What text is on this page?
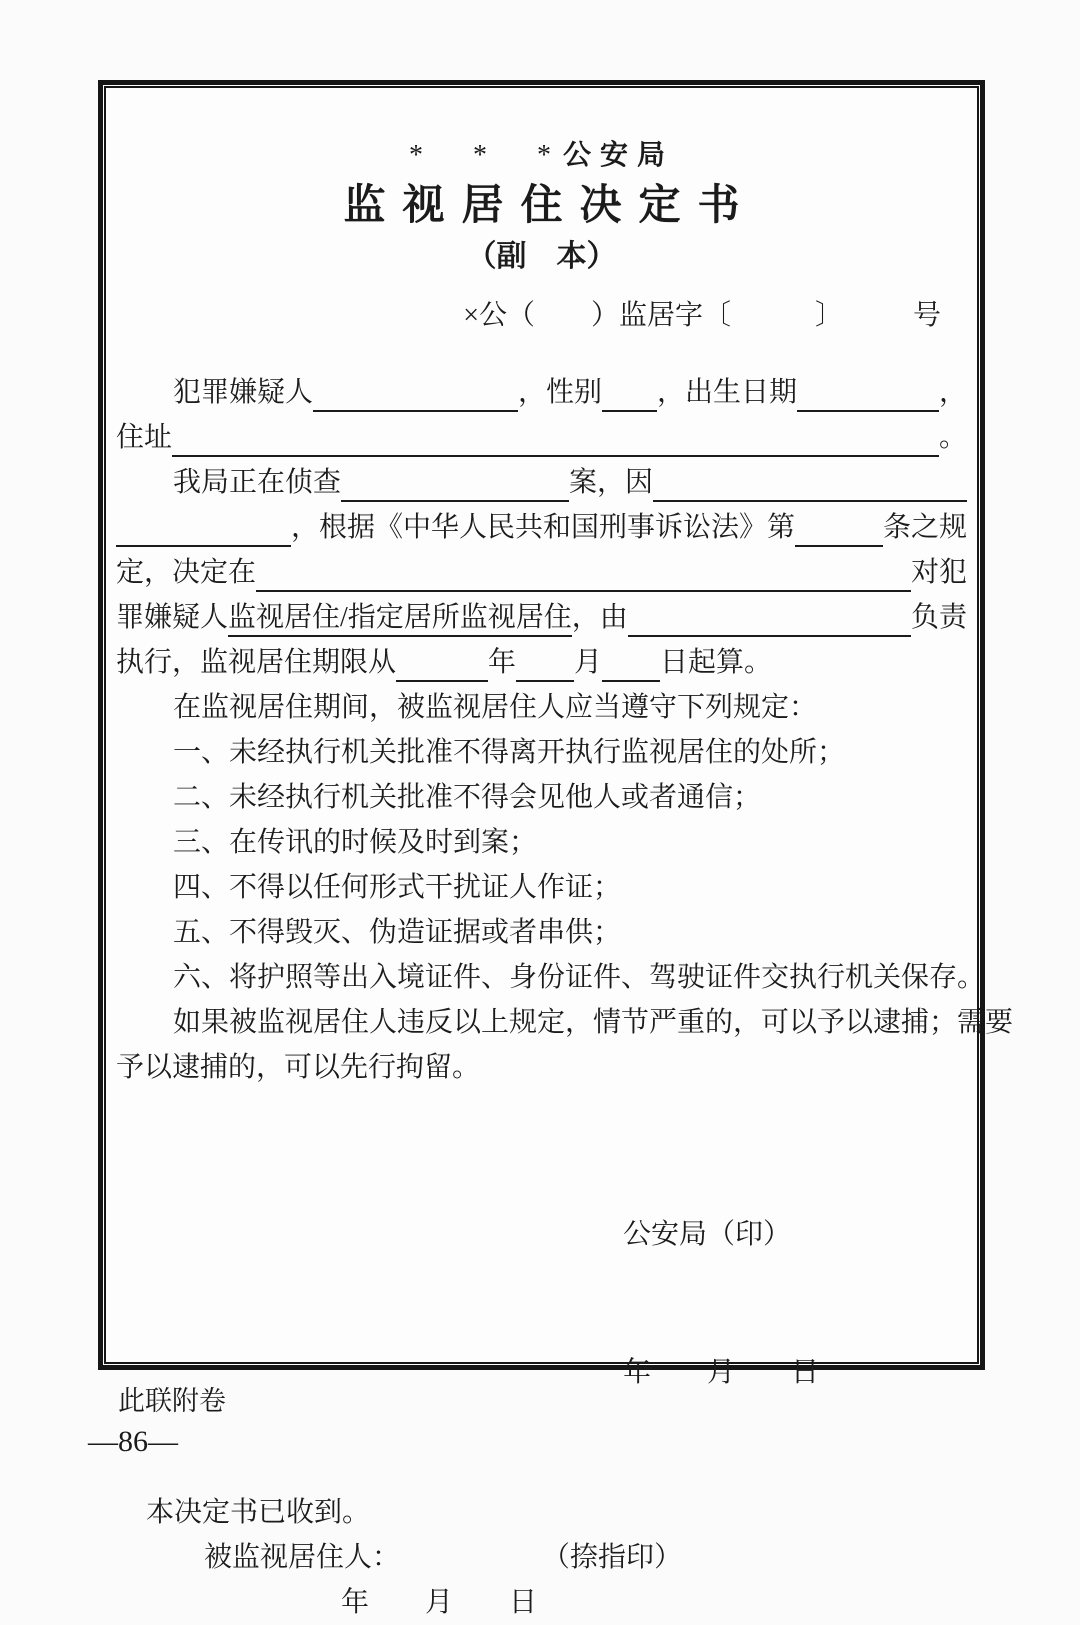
*  *  *公安局
监视居住决定书
（副　本）
×公（　　）监居字〔　　　〕　　　号
犯罪嫌疑人
	，性别
，出生日期
	，
住址
	。
我局正在侦查
	案，因

，根据《中华人民共和国刑事诉讼法》第
	条之规
定，决定在
	对犯
罪嫌疑人 监视居住/指定居所监视居住 ，由
	负责
执行，监视居住期限从
	年
月
日起算。
在监视居住期间，被监视居住人应当遵守下列规定：
一、未经执行机关批准不得离开执行监视居住的处所；
二、未经执行机关批准不得会见他人或者通信；
三、在传讯的时候及时到案；
四、不得以任何形式干扰证人作证；
五、不得毁灭、伪造证据或者串供；
六、将护照等出入境证件、身份证件、驾驶证件交执行机关保存。
如果被监视居住人违反以上规定，情节严重的，可以予以逮捕；需要
予以逮捕的，可以先行拘留。

公安局（印）

年　　月　　日

本决定书已收到。
被监视居住人：	（捺指印）
年　　月　　日
此联附卷
—86—
